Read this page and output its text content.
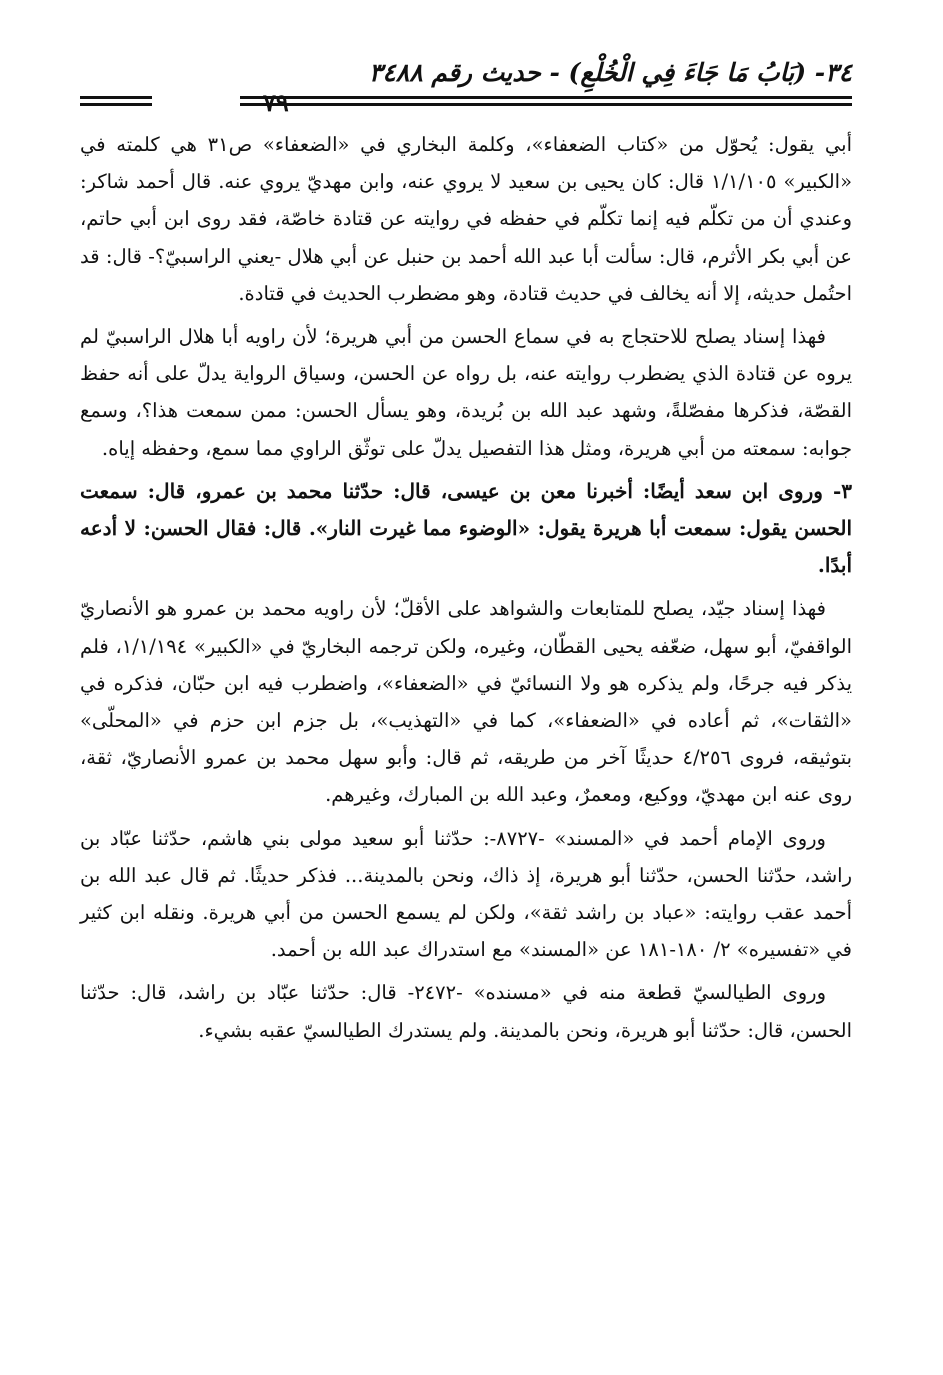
٣٤- (بَابُ مَا جَاءَ فِي الْخُلْعِ) - حديث رقم ٣٤٨٨
٧٩

أبي يقول: يُحوّل من «كتاب الضعفاء»، وكلمة البخاري في «الضعفاء» ص٣١ هي كلمته في «الكبير» ١/١/١٠٥ قال: كان يحيى بن سعيد لا يروي عنه، وابن مهديّ يروي عنه. قال أحمد شاكر: وعندي أن من تكلّم فيه إنما تكلّم في حفظه في روايته عن قتادة خاصّة، فقد روى ابن أبي حاتم، عن أبي بكر الأثرم، قال: سألت أبا عبد الله أحمد بن حنبل عن أبي هلال -يعني الراسبيّ؟- قال: قد احتُمل حديثه، إلا أنه يخالف في حديث قتادة، وهو مضطرب الحديث في قتادة.

فهذا إسناد يصلح للاحتجاج به في سماع الحسن من أبي هريرة؛ لأن راويه أبا هلال الراسبيّ لم يروه عن قتادة الذي يضطرب روايته عنه، بل رواه عن الحسن، وسياق الرواية يدلّ على أنه حفظ القصّة، فذكرها مفصّلةً، وشهد عبد الله بن بُريدة، وهو يسأل الحسن: ممن سمعت هذا؟، وسمع جوابه: سمعته من أبي هريرة، ومثل هذا التفصيل يدلّ على توثّق الراوي مما سمع، وحفظه إياه.

٣- وروى ابن سعد أيضًا: أخبرنا معن بن عيسى، قال: حدّثنا محمد بن عمرو، قال: سمعت الحسن يقول: سمعت أبا هريرة يقول: «الوضوء مما غيرت النار». قال: فقال الحسن: لا أدعه أبدًا.

فهذا إسناد جيّد، يصلح للمتابعات والشواهد على الأقلّ؛ لأن راويه محمد بن عمرو هو الأنصاريّ الواقفيّ، أبو سهل، ضعّفه يحيى القطّان، وغيره، ولكن ترجمه البخاريّ في «الكبير» ١/١/١٩٤، فلم يذكر فيه جرحًا، ولم يذكره هو ولا النسائيّ في «الضعفاء»، واضطرب فيه ابن حبّان، فذكره في «الثقات»، ثم أعاده في «الضعفاء»، كما في «التهذيب»، بل جزم ابن حزم في «المحلّى» بتوثيقه، فروى ٤/٢٥٦ حديثًا آخر من طريقه، ثم قال: وأبو سهل محمد بن عمرو الأنصاريّ، ثقة، روى عنه ابن مهديّ، ووكيع، ومعمرٌ، وعبد الله بن المبارك، وغيرهم.

وروى الإمام أحمد في «المسند» -٨٧٢٧-: حدّثنا أبو سعيد مولى بني هاشم، حدّثنا عبّاد بن راشد، حدّثنا الحسن، حدّثنا أبو هريرة، إذ ذاك، ونحن بالمدينة... فذكر حديثًا. ثم قال عبد الله بن أحمد عقب روايته: «عباد بن راشد ثقة»، ولكن لم يسمع الحسن من أبي هريرة. ونقله ابن كثير في «تفسيره» ٢/ ١٨٠-١٨١ عن «المسند» مع استدراك عبد الله بن أحمد.

وروى الطيالسيّ قطعة منه في «مسنده» -٢٤٧٢- قال: حدّثنا عبّاد بن راشد، قال: حدّثنا الحسن، قال: حدّثنا أبو هريرة، ونحن بالمدينة. ولم يستدرك الطيالسيّ عقبه بشيء.
